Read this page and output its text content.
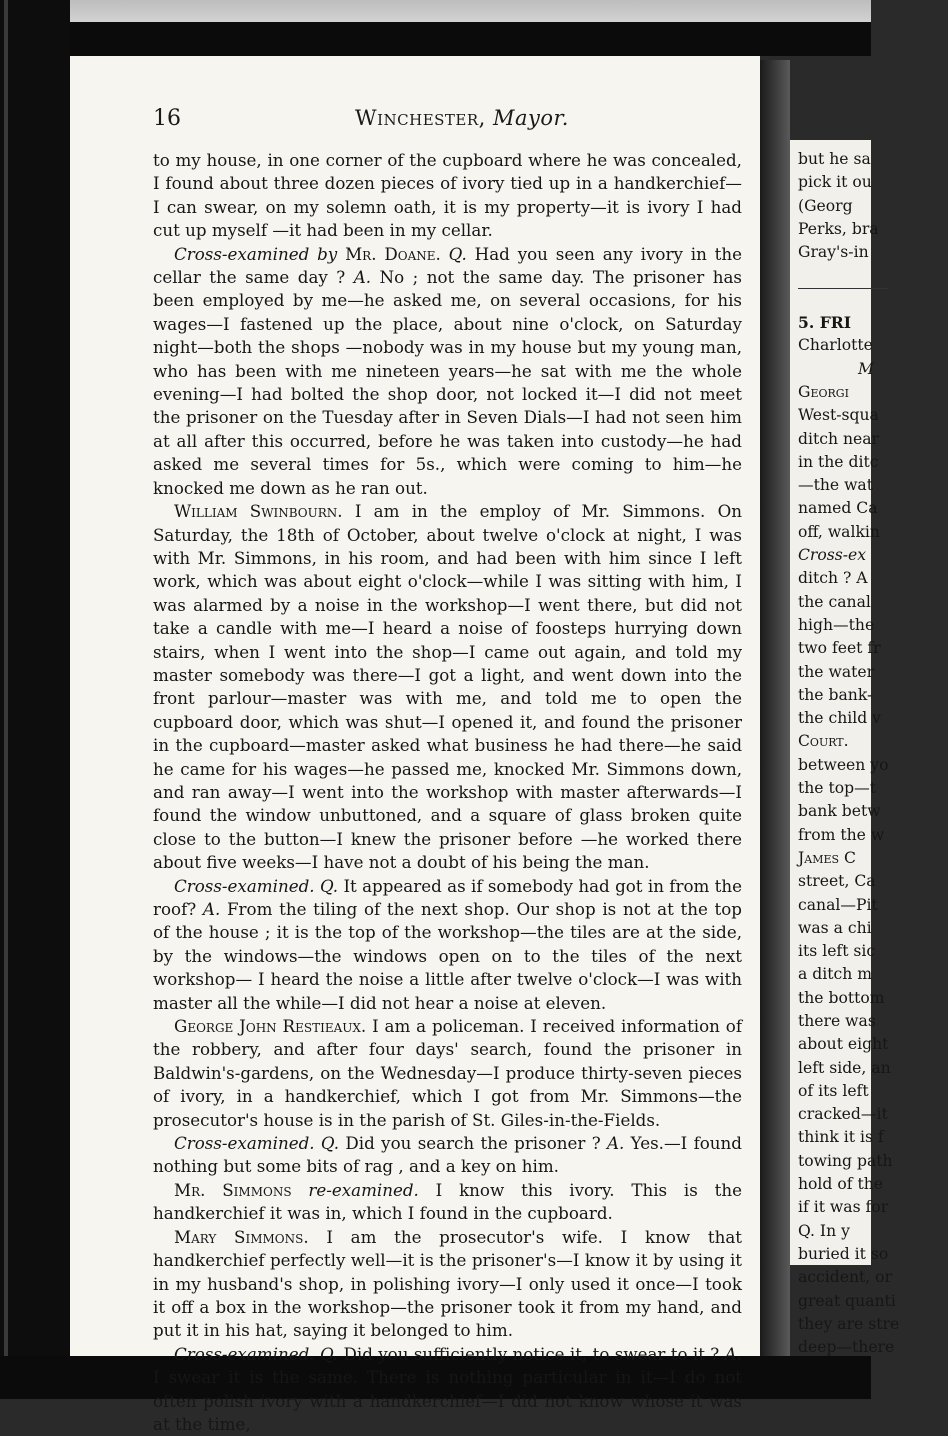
16	Winchester, Mayor.

to my house, in one corner of the cupboard where he was concealed, I found about three dozen pieces of ivory tied up in a handkerchief—I can swear, on my solemn oath, it is my property—it is ivory I had cut up myself —it had been in my cellar.

Cross-examined by Mr. Doane. Q. Had you seen any ivory in the cellar the same day ? A. No ; not the same day. The prisoner has been employed by me—he asked me, on several occasions, for his wages—I fastened up the place, about nine o'clock, on Saturday night—both the shops —nobody was in my house but my young man, who has been with me nineteen years—he sat with me the whole evening—I had bolted the shop door, not locked it—I did not meet the prisoner on the Tuesday after in Seven Dials—I had not seen him at all after this occurred, before he was taken into custody—he had asked me several times for 5s., which were coming to him—he knocked me down as he ran out.

William Swinbourn. I am in the employ of Mr. Simmons. On Saturday, the 18th of October, about twelve o'clock at night, I was with Mr. Simmons, in his room, and had been with him since I left work, which was about eight o'clock—while I was sitting with him, I was alarmed by a noise in the workshop—I went there, but did not take a candle with me—I heard a noise of foosteps hurrying down stairs, when I went into the shop—I came out again, and told my master somebody was there—I got a light, and went down into the front parlour—master was with me, and told me to open the cupboard door, which was shut—I opened it, and found the prisoner in the cupboard—master asked what business he had there—he said he came for his wages—he passed me, knocked Mr. Simmons down, and ran away—I went into the workshop with master afterwards—I found the window unbuttoned, and a square of glass broken quite close to the button—I knew the prisoner before —he worked there about five weeks—I have not a doubt of his being the man.

Cross-examined. Q. It appeared as if somebody had got in from the roof? A. From the tiling of the next shop. Our shop is not at the top of the house ; it is the top of the workshop—the tiles are at the side, by the windows—the windows open on to the tiles of the next workshop— I heard the noise a little after twelve o'clock—I was with master all the while—I did not hear a noise at eleven.

George John Restieaux. I am a policeman. I received information of the robbery, and after four days' search, found the prisoner in Baldwin's-gardens, on the Wednesday—I produce thirty-seven pieces of ivory, in a handkerchief, which I got from Mr. Simmons—the prosecutor's house is in the parish of St. Giles-in-the-Fields.

Cross-examined. Q. Did you search the prisoner ? A. Yes.—I found nothing but some bits of rag , and a key on him.

Mr. Simmons re-examined. I know this ivory. This is the handkerchief it was in, which I found in the cupboard.

Mary Simmons. I am the prosecutor's wife. I know that handkerchief perfectly well—it is the prisoner's—I know it by using it in my husband's shop, in polishing ivory—I only used it once—I took it off a box in the workshop—the prisoner took it from my hand, and put it in his hat, saying it belonged to him.

Cross-examined. Q. Did you sufficiently notice it, to swear to it ? A. I swear it is the same. There is nothing particular in it—I do not often polish ivory with a handkerchief—I did not know whose it was at the time,

but he sa
pick it ou
(Georg
Perks, bra
Gray's-in
5. FRI
Charlotte
M
Georgi
West-squa
ditch near
in the ditc
—the wat
named Ca
off, walkin
Cross-ex
ditch ? A
the canal
high—the
two feet fr
the water
the bank-
the child v
Court.
between yo
the top—t
bank betw
from the w
James C
street, Ca
canal—Pit
was a chi
its left sic
a ditch m
the bottom
there was
about eight
left side, an
of its left
cracked—it
think it is f
towing path
hold of the
if it was for
Q. In y
buried it so
accident, or
great quanti
they are stre
deep—there
